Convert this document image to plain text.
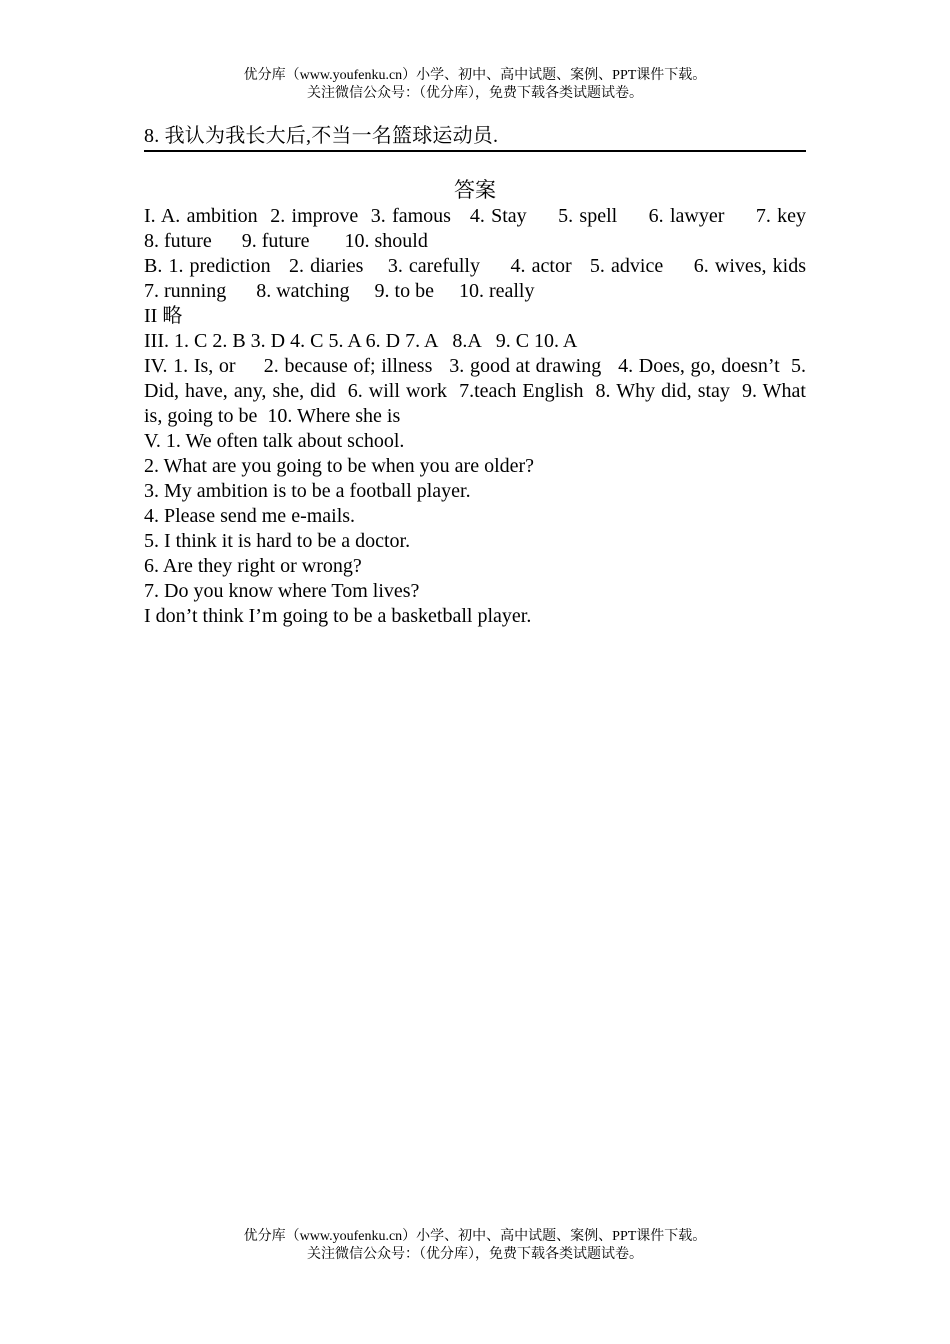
优分库（www.youfenku.cn）小学、初中、高中试题、案例、PPT课件下载。
关注微信公众号：（优分库），免费下载各类试题试卷。
8. 我认为我长大后,不当一名篮球运动员.
答案
I. A. ambition  2. improve  3. famous   4. Stay     5. spell     6. lawyer     7. key      8. future      9. future       10. should
B. 1. prediction   2. diaries    3. carefully     4. actor   5. advice     6. wives, kids     7. running      8. watching     9. to be     10. really
II 略
III. 1. C 2. B 3. D 4. C 5. A 6. D 7. A   8.A   9. C 10. A
IV. 1. Is, or     2. because of; illness   3. good at drawing   4. Does, go, doesn’t  5. Did, have, any, she, did  6. will work  7.teach English  8. Why did, stay  9. What is, going to be  10. Where she is
V. 1. We often talk about school.
2. What are you going to be when you are older?
3. My ambition is to be a football player.
4. Please send me e-mails.
5. I think it is hard to be a doctor.
6. Are they right or wrong?
7. Do you know where Tom lives?
I don’t think I’m going to be a basketball player.
优分库（www.youfenku.cn）小学、初中、高中试题、案例、PPT课件下载。
关注微信公众号：（优分库），免费下载各类试题试卷。
